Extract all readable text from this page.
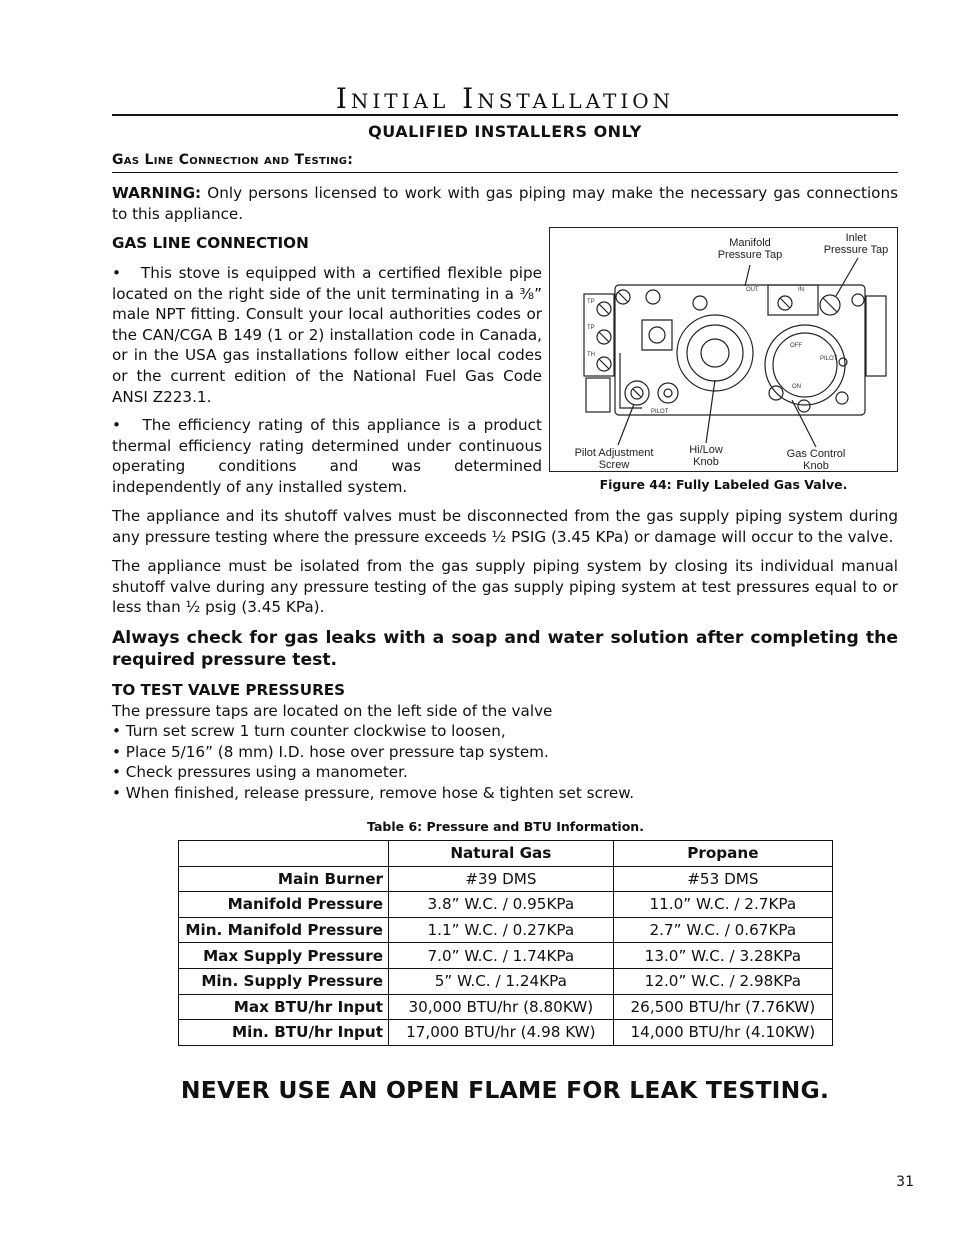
Initial Installation
QUALIFIED INSTALLERS ONLY
Gas Line Connection and Testing:
WARNING: Only persons licensed to work with gas piping may make the necessary gas connections to this appliance.
GAS LINE CONNECTION
•   This stove is equipped with a certified flexible pipe located on the right side of the unit terminating in a ⅜” male NPT fitting. Consult your local authorities codes or the CAN/CGA B 149 (1 or 2) installation code in Canada, or in the USA gas installations follow either local codes or the current edition of the National Fuel Gas Code ANSI Z223.1.
•   The efficiency rating of this appliance is a product thermal efficiency rating determined under continuous operating conditions and was determined independently of any installed system.
OUT	IN
TP
TP
TH
PILOT
OFF
ON
PILOT
Manifold
Pressure Tap
Inlet
Pressure Tap
Pilot Adjustment
Screw
Hi/Low
Knob
Gas Control
Knob
Figure 44: Fully Labeled Gas Valve.
The appliance and its shutoff valves must be disconnected from the gas supply piping system during any pressure testing where the pressure exceeds ½ PSIG (3.45 KPa) or damage will occur to the valve.
The appliance must be isolated from the gas supply piping system by closing its individual manual shutoff valve during any pressure testing of the gas supply piping system at test pressures equal to or less than ½ psig (3.45 KPa).
Always check for gas leaks with a soap and water solution after completing the required pressure test.
TO TEST VALVE PRESSURES
The pressure taps are located on the left side of the valve
• Turn set screw 1 turn counter clockwise to loosen,
• Place 5/16” (8 mm) I.D. hose over pressure tap system.
• Check pressures using a manometer.
• When finished, release pressure, remove hose & tighten set screw.
Table 6: Pressure and BTU Information.
	Natural Gas	Propane
Main Burner	#39 DMS	#53 DMS
Manifold Pressure	3.8” W.C. / 0.95KPa	11.0” W.C. / 2.7KPa
Min. Manifold Pressure	1.1” W.C. / 0.27KPa	2.7” W.C. / 0.67KPa
Max Supply Pressure	7.0” W.C. / 1.74KPa	13.0” W.C. / 3.28KPa
Min. Supply Pressure	5” W.C. / 1.24KPa	12.0” W.C. / 2.98KPa
Max BTU/hr Input	30,000 BTU/hr (8.80KW)	26,500 BTU/hr (7.76KW)
Min. BTU/hr Input	17,000 BTU/hr (4.98 KW)	14,000 BTU/hr (4.10KW)
NEVER USE AN OPEN FLAME FOR LEAK TESTING.
31
